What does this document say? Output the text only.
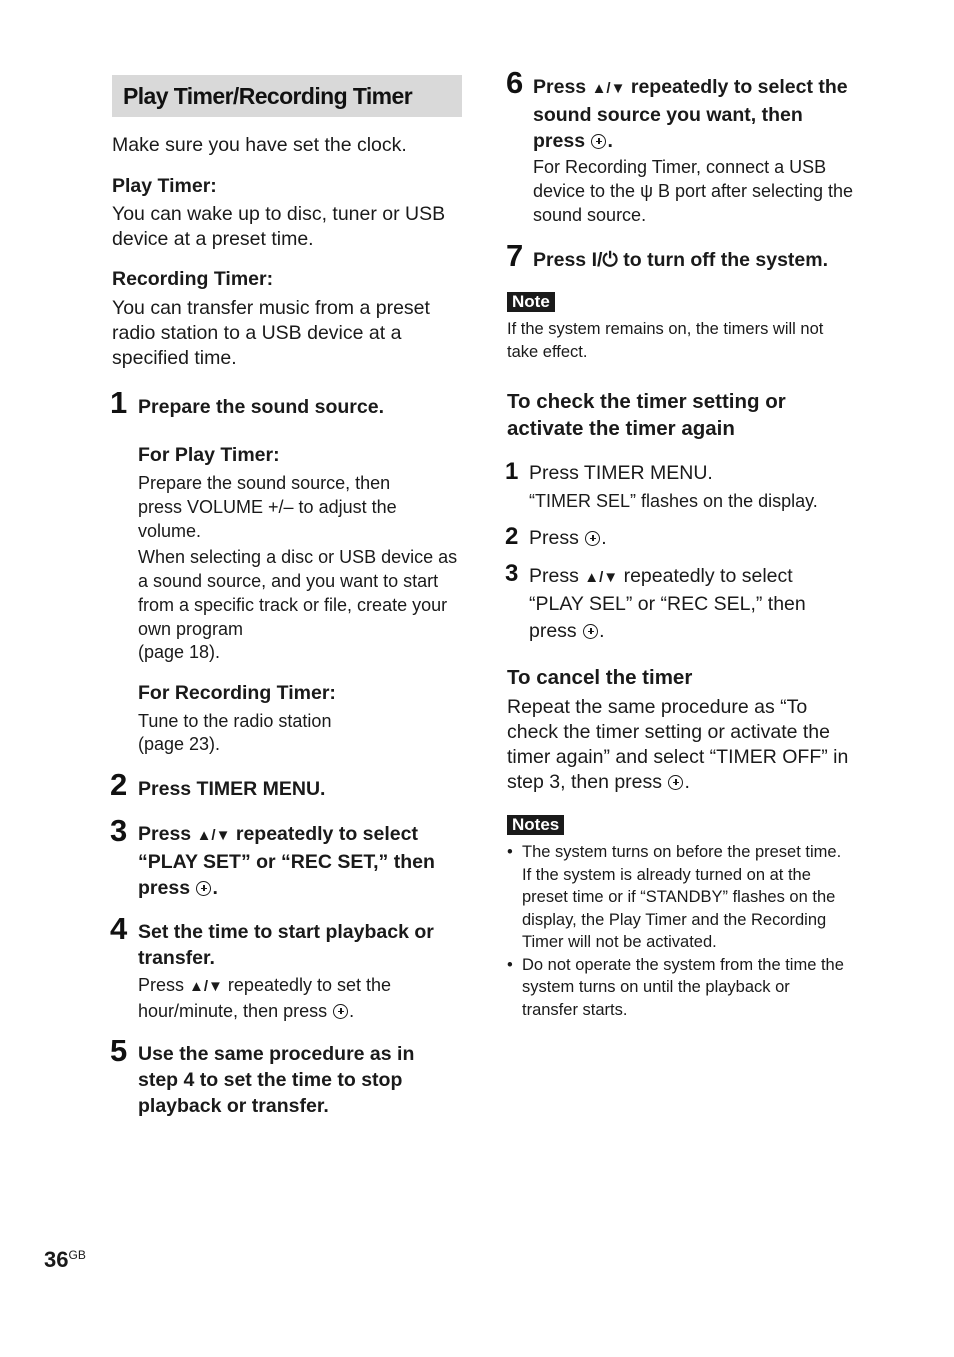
Play Timer/Recording Timer

Make sure you have set the clock.

Play Timer:

You can wake up to disc, tuner or USB device at a preset time.

Recording Timer:

You can transfer music from a preset radio station to a USB device at a specified time.

1 Prepare the sound source.

For Play Timer:

Prepare the sound source, then press VOLUME +/– to adjust the volume.

When selecting a disc or USB device as a sound source, and you want to start from a specific track or file, create your own program

(page 18).

For Recording Timer:

Tune to the radio station

(page 23).

2 Press TIMER MENU.

3 Press ▲/▼ repeatedly to select “PLAY SET” or “REC SET,” then press .

4 Set the time to start playback or transfer.

Press ▲/▼ repeatedly to set the hour/minute, then press .

5 Use the same procedure as in step 4 to set the time to stop playback or transfer.

6 Press ▲/▼ repeatedly to select the sound source you want, then press .

For Recording Timer, connect a USB device to the ψ B port after selecting the sound source.

7 Press I/⏻ to turn off the system.

Note

If the system remains on, the timers will not take effect.

To check the timer setting or activate the timer again

1 Press TIMER MENU.

“TIMER SEL” flashes on the display.

2 Press .

3 Press ▲/▼ repeatedly to select “PLAY SEL” or “REC SEL,” then press .

To cancel the timer

Repeat the same procedure as “To check the timer setting or activate the timer again” and select “TIMER OFF” in step 3, then press .

Notes
• The system turns on before the preset time. If the system is already turned on at the preset time or if “STANDBY” flashes on the display, the Play Timer and the Recording Timer will not be activated.
• Do not operate the system from the time the system turns on until the playback or transfer starts.
$36^{GB}$
